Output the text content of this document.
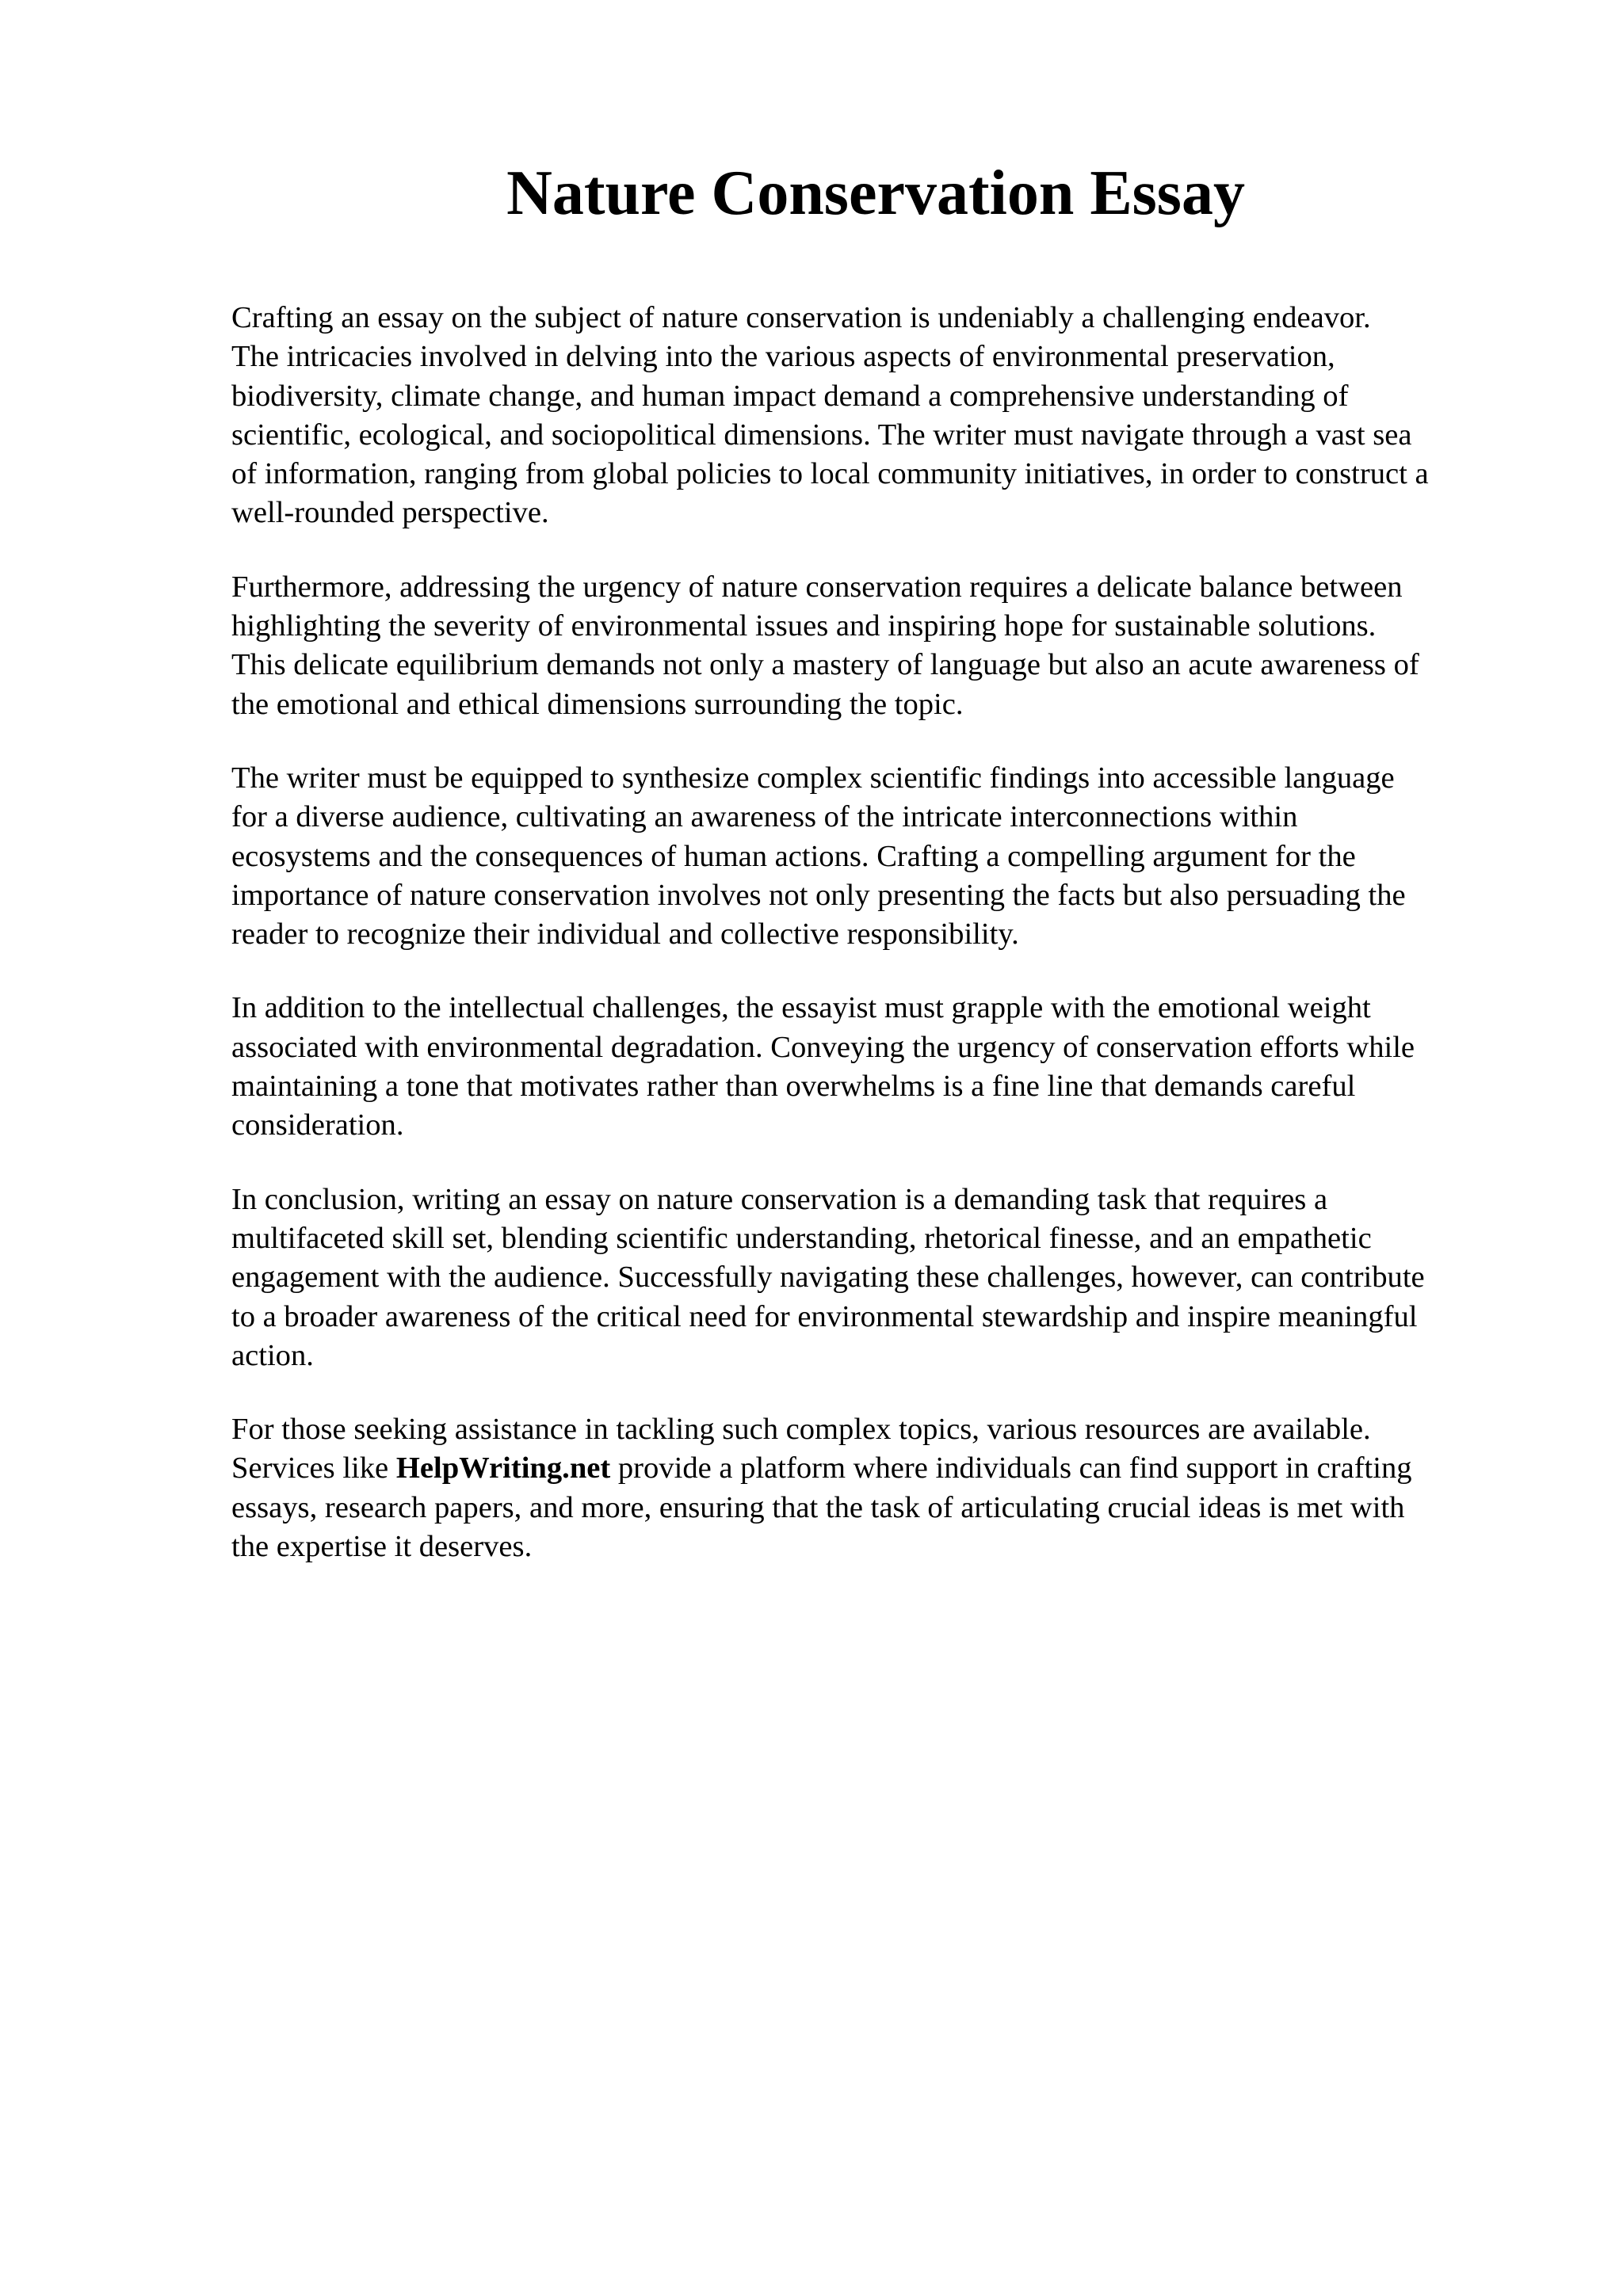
Nature Conservation Essay

Crafting an essay on the subject of nature conservation is undeniably a challenging endeavor.
The intricacies involved in delving into the various aspects of environmental preservation,
biodiversity, climate change, and human impact demand a comprehensive understanding of
scientific, ecological, and sociopolitical dimensions. The writer must navigate through a vast sea
of information, ranging from global policies to local community initiatives, in order to construct a
well-rounded perspective.

Furthermore, addressing the urgency of nature conservation requires a delicate balance between
highlighting the severity of environmental issues and inspiring hope for sustainable solutions.
This delicate equilibrium demands not only a mastery of language but also an acute awareness of
the emotional and ethical dimensions surrounding the topic.

The writer must be equipped to synthesize complex scientific findings into accessible language
for a diverse audience, cultivating an awareness of the intricate interconnections within
ecosystems and the consequences of human actions. Crafting a compelling argument for the
importance of nature conservation involves not only presenting the facts but also persuading the
reader to recognize their individual and collective responsibility.

In addition to the intellectual challenges, the essayist must grapple with the emotional weight
associated with environmental degradation. Conveying the urgency of conservation efforts while
maintaining a tone that motivates rather than overwhelms is a fine line that demands careful
consideration.

In conclusion, writing an essay on nature conservation is a demanding task that requires a
multifaceted skill set, blending scientific understanding, rhetorical finesse, and an empathetic
engagement with the audience. Successfully navigating these challenges, however, can contribute
to a broader awareness of the critical need for environmental stewardship and inspire meaningful
action.

For those seeking assistance in tackling such complex topics, various resources are available.
Services like HelpWriting.net provide a platform where individuals can find support in crafting
essays, research papers, and more, ensuring that the task of articulating crucial ideas is met with
the expertise it deserves.
